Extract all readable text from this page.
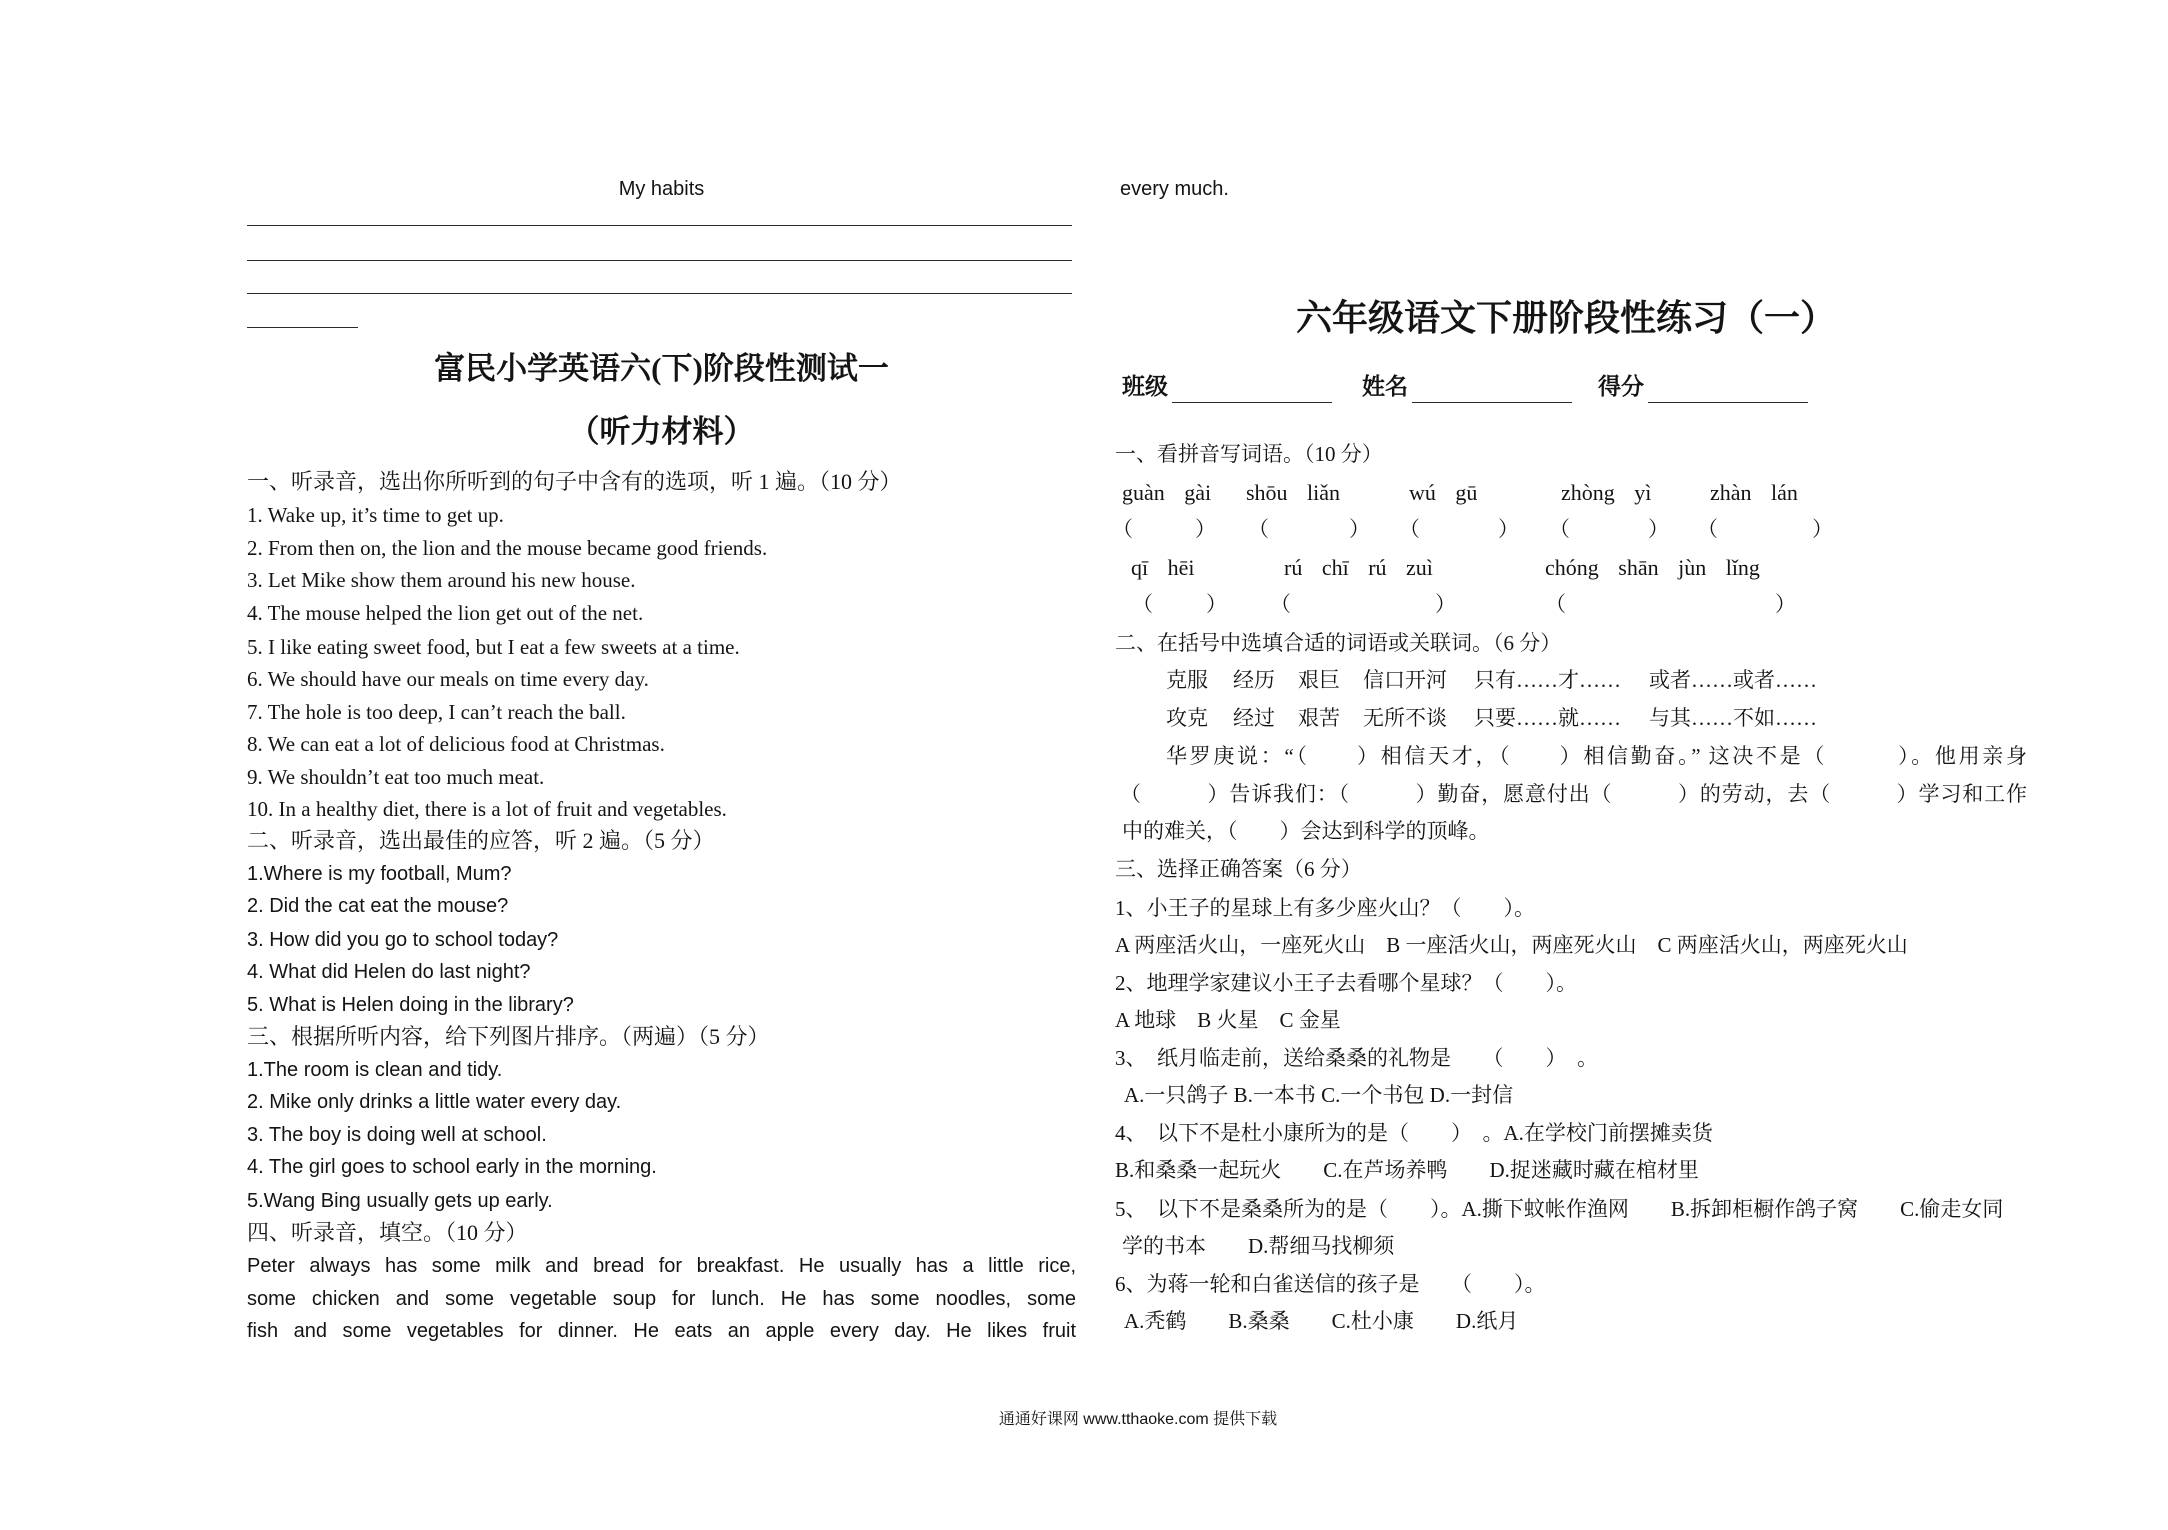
My habits
富民小学英语六(下)阶段性测试一
（听力材料）
一、听录音，选出你所听到的句子中含有的选项，听 1 遍。（10 分）
1. Wake up, it’s time to get up.
2. From then on, the lion and the mouse became good friends.
3. Let Mike show them around his new house.
4. The mouse helped the lion get out of the net.
5. I like eating sweet food, but I eat a few sweets at a time.
6. We should have our meals on time every day.
7. The hole is too deep, I can’t reach the ball.
8. We can eat a lot of delicious food at Christmas.
9. We shouldn’t eat too much meat.
10. In a healthy diet, there is a lot of fruit and vegetables.
二、听录音，选出最佳的应答，听 2 遍。（5 分）
1.Where is my football, Mum?
2. Did the cat eat the mouse?
3. How did you go to school today?
4. What did Helen do last night?
5. What is Helen doing in the library?
三、根据所听内容，给下列图片排序。（两遍）（5 分）
1.The room is clean and tidy.
2. Mike only drinks a little water every day.
3. The boy is doing well at school.
4. The girl goes to school early in the morning.
5.Wang Bing usually gets up early.
四、听录音，填空。（10 分）
Peter always has some milk and bread for breakfast. He usually has a little rice,
some chicken and some vegetable soup for lunch. He has some noodles, some
fish and some vegetables for dinner. He eats an apple every day. He likes fruit
every much.
六年级语文下册阶段性练习（一）
班级	姓名	得分
一、看拼音写词语。（10 分）
guàn gài shōu liǎn	wú gū	zhòng yì	zhàn lán
（	） （	） （	） （	） （	）
qī hēi	rú chī rú zuì	chóng shān jùn lǐng
（	） （	）	（	）
二、在括号中选填合适的词语或关联词。（6 分）
克服 经历 艰巨 信口开河 只有……才…… 或者……或者……
攻克 经过 艰苦 无所不谈 只要……就…… 与其……不如……
华罗庚说：“（　　）相信天才，（　　）相信勤奋。” 这决不是（　　　）。他用亲身
（　　　）告诉我们：（　　　）勤奋，愿意付出（　　　）的劳动，去（　　　）学习和工作
中的难关，（　　）会达到科学的顶峰。
三、选择正确答案（6 分）
1、小王子的星球上有多少座火山？（　　）。
A 两座活火山，一座死火山　B 一座活火山，两座死火山　C 两座活火山，两座死火山
2、地理学家建议小王子去看哪个星球？（　　）。
A 地球　B 火星　C 金星
3、　纸月临走前，送给桑桑的礼物是　　（　　）　。
A.一只鸽子 B.一本书 C.一个书包 D.一封信
4、　以下不是杜小康所为的是（　　）　。A.在学校门前摆摊卖货
B.和桑桑一起玩火　　C.在芦场养鸭　　D.捉迷藏时藏在棺材里
5、　以下不是桑桑所为的是（　　）。A.撕下蚊帐作渔网　　B.拆卸柜橱作鸽子窝　　C.偷走女同
学的书本　　D.帮细马找柳须
6、为蒋一轮和白雀送信的孩子是　　（　　）。
A.秃鹤　　B.桑桑　　C.杜小康　　D.纸月
通通好课网 www.tthaoke.com 提供下载
